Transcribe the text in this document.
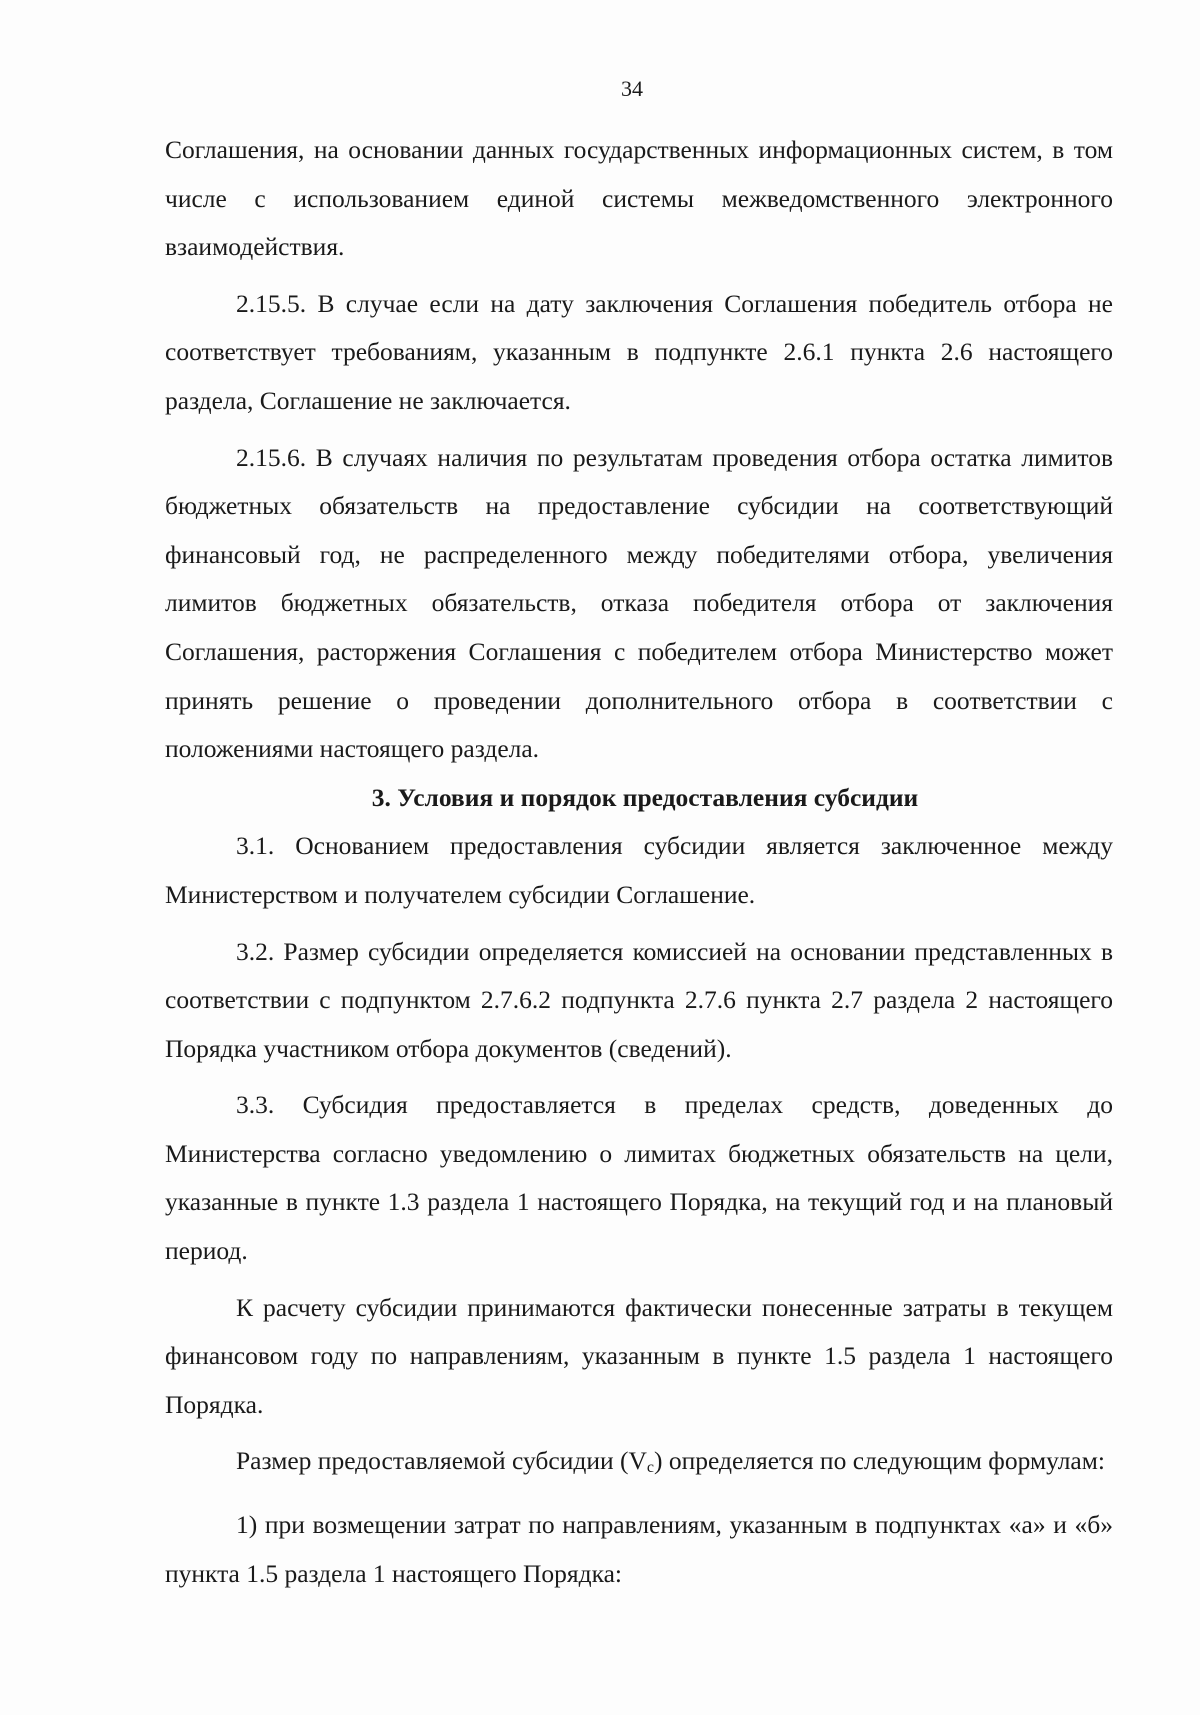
34

Соглашения, на основании данных государственных информационных систем, в том числе с использованием единой системы межведомственного электронного взаимодействия.

2.15.5. В случае если на дату заключения Соглашения победитель отбора не соответствует требованиям, указанным в подпункте 2.6.1 пункта 2.6 настоящего раздела, Соглашение не заключается.

2.15.6. В случаях наличия по результатам проведения отбора остатка лимитов бюджетных обязательств на предоставление субсидии на соответствующий финансовый год, не распределенного между победителями отбора, увеличения лимитов бюджетных обязательств, отказа победителя отбора от заключения Соглашения, расторжения Соглашения с победителем отбора Министерство может принять решение о проведении дополнительного отбора в соответствии с положениями настоящего раздела.

3. Условия и порядок предоставления субсидии

3.1. Основанием предоставления субсидии является заключенное между Министерством и получателем субсидии Соглашение.

3.2. Размер субсидии определяется комиссией на основании представленных в соответствии с подпунктом 2.7.6.2 подпункта 2.7.6 пункта 2.7 раздела 2 настоящего Порядка участником отбора документов (сведений).

3.3. Субсидия предоставляется в пределах средств, доведенных до Министерства согласно уведомлению о лимитах бюджетных обязательств на цели, указанные в пункте 1.3 раздела 1 настоящего Порядка, на текущий год и на плановый период.

К расчету субсидии принимаются фактически понесенные затраты в текущем финансовом году по направлениям, указанным в пункте 1.5 раздела 1 настоящего Порядка.

Размер предоставляемой субсидии (Vc) определяется по следующим формулам:

1) при возмещении затрат по направлениям, указанным в подпунктах «а» и «б» пункта 1.5 раздела 1 настоящего Порядка:
